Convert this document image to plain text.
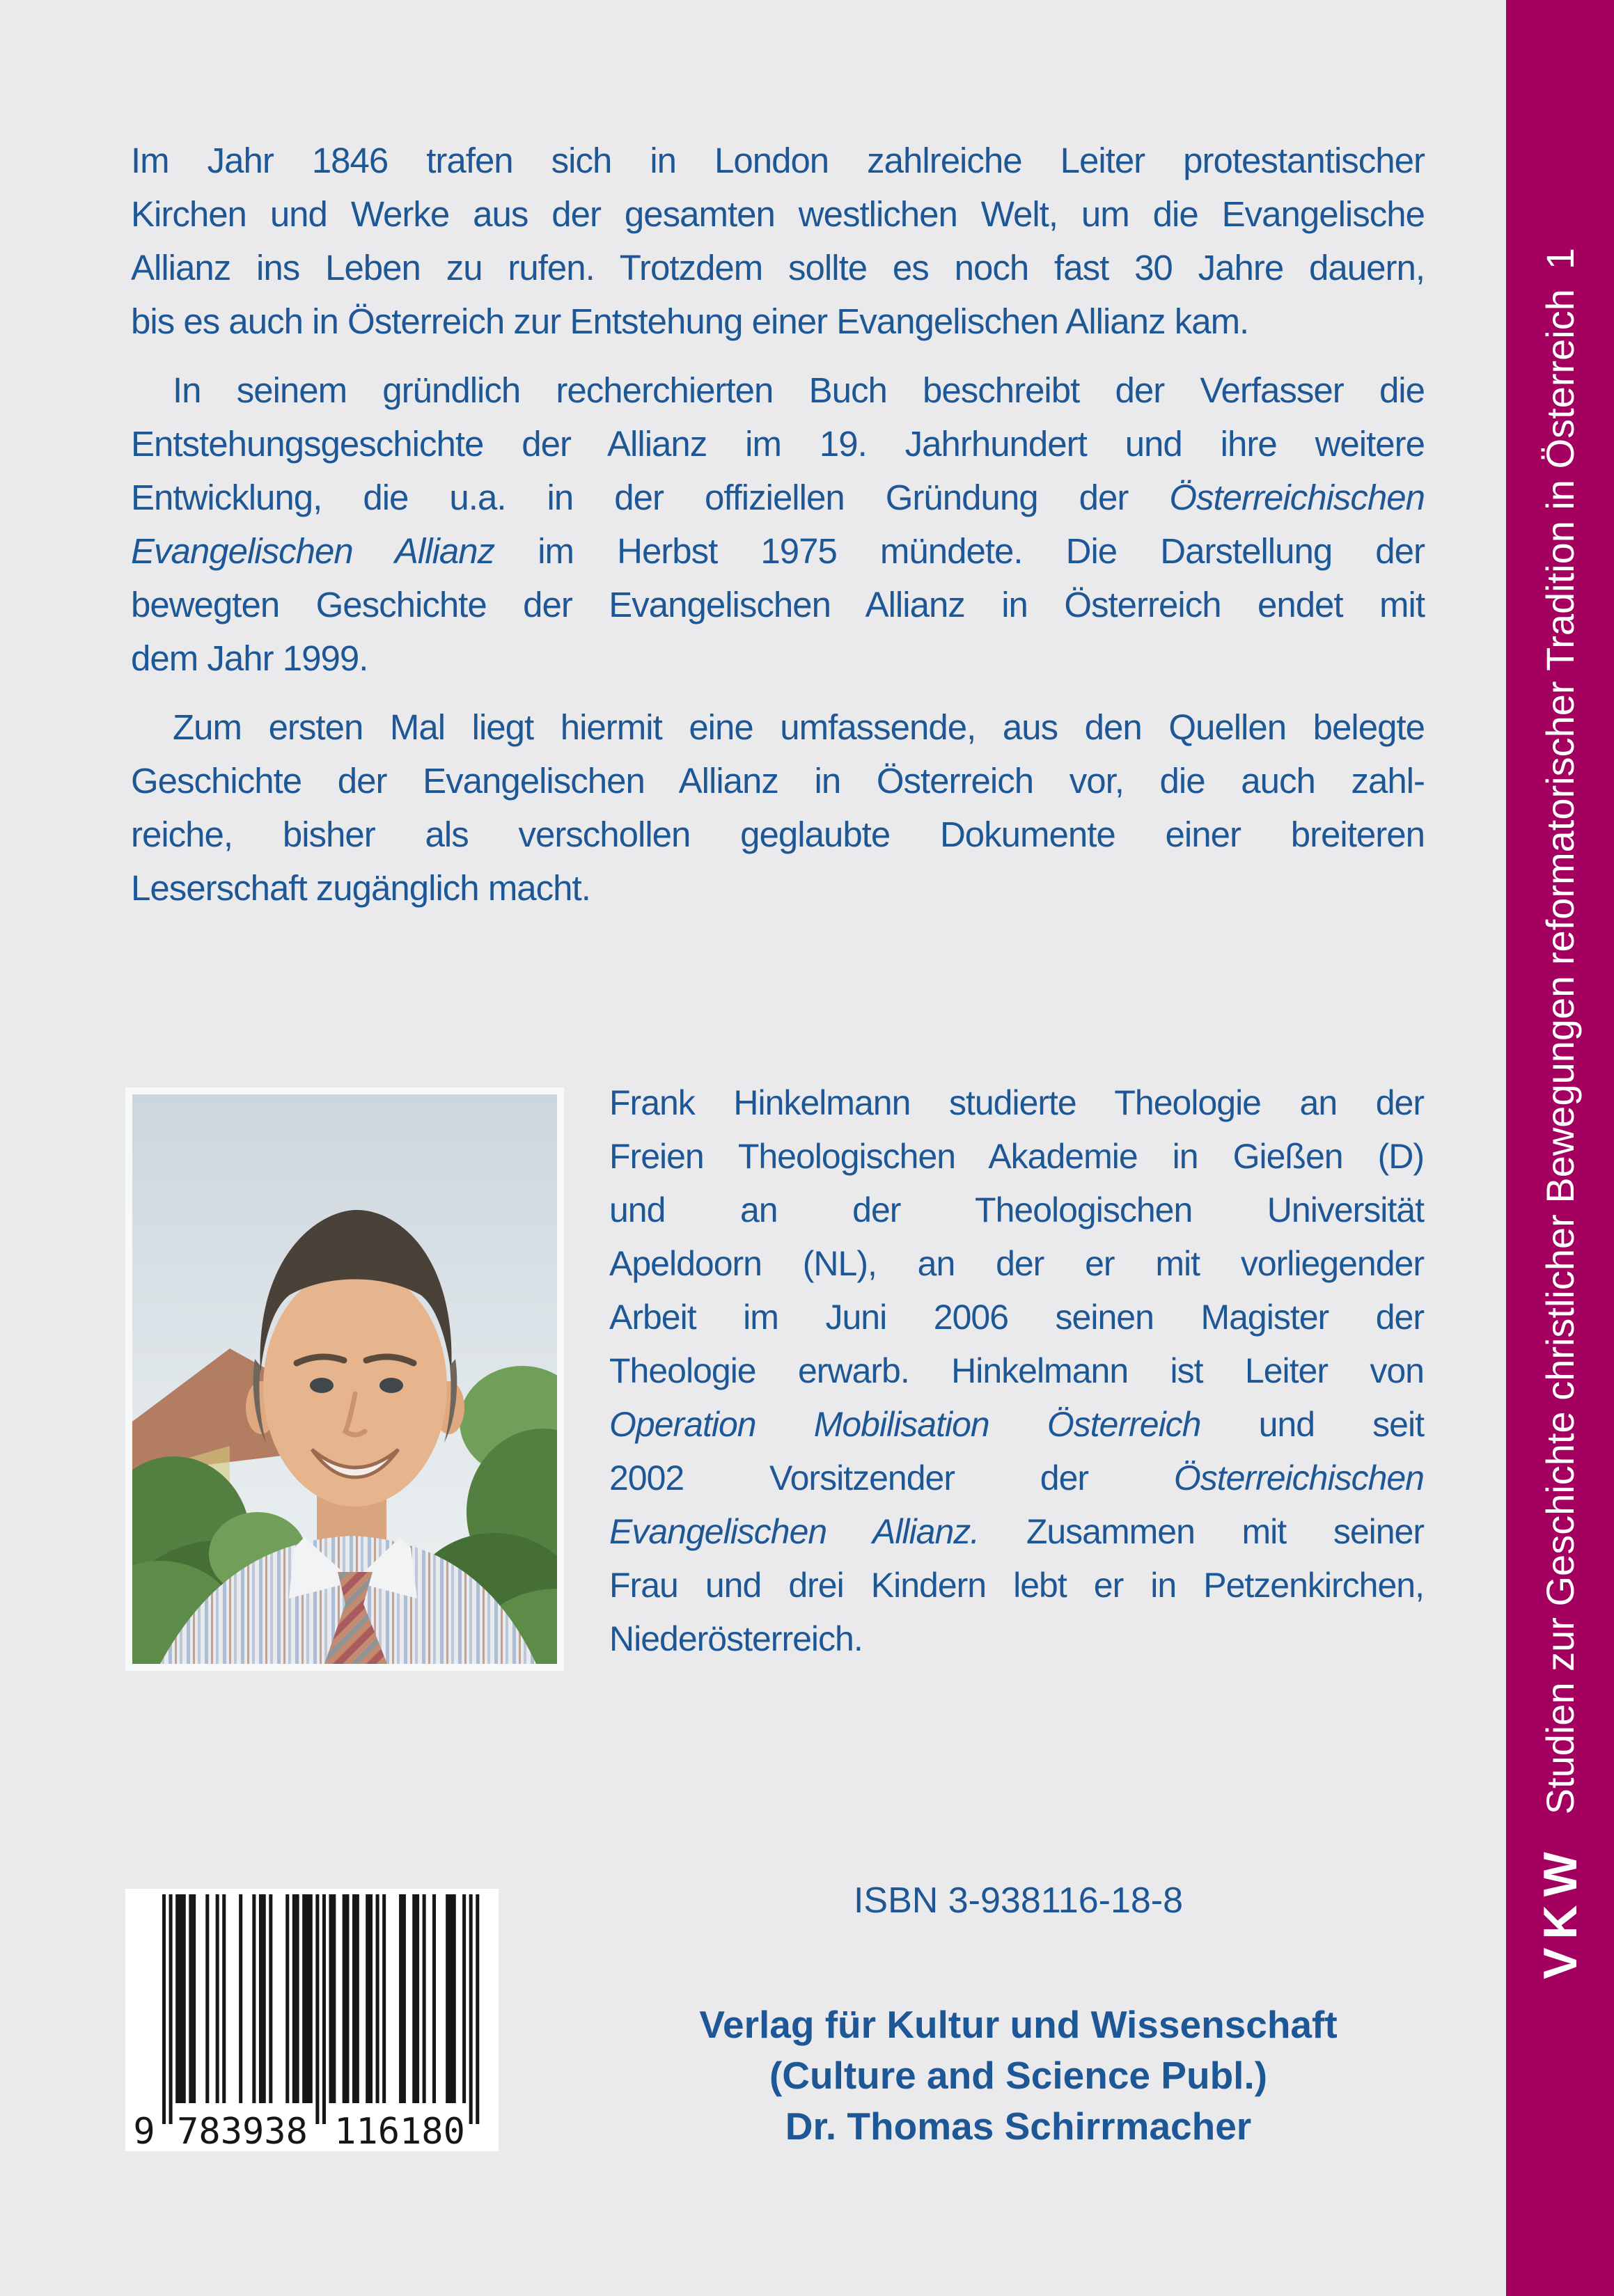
Im Jahr 1846 trafen sich in London zahlreiche Leiter protestantischer
Kirchen und Werke aus der gesamten westlichen Welt, um die Evangelische
Allianz ins Leben zu rufen. Trotzdem sollte es noch fast 30 Jahre dauern,
bis es auch in Österreich zur Entstehung einer Evangelischen Allianz kam.
In seinem gründlich recherchierten Buch beschreibt der Verfasser die
Entstehungsgeschichte der Allianz im 19. Jahrhundert und ihre weitere
Entwicklung, die u.a. in der offiziellen Gründung der Österreichischen
Evangelischen Allianz im Herbst 1975 mündete. Die Darstellung der
bewegten Geschichte der Evangelischen Allianz in Österreich endet mit
dem Jahr 1999.
Zum ersten Mal liegt hiermit eine umfassende, aus den Quellen belegte
Geschichte der Evangelischen Allianz in Österreich vor, die auch zahl-
reiche, bisher als verschollen geglaubte Dokumente einer breiteren
Leserschaft zugänglich macht.
Frank Hinkelmann studierte Theologie an der
Freien Theologischen Akademie in Gießen (D)
und an der Theologischen Universität
Apeldoorn (NL), an der er mit vorliegender
Arbeit im Juni 2006 seinen Magister der
Theologie erwarb. Hinkelmann ist Leiter von
Operation Mobilisation Österreich und seit
2002 Vorsitzender der Österreichischen
Evangelischen Allianz. Zusammen mit seiner
Frau und drei Kindern lebt er in Petzenkirchen,
Niederösterreich.
ISBN 3-938116-18-8
Verlag für Kultur und Wissenschaft
(Culture and Science Publ.)
Dr. Thomas Schirrmacher
9 783938 116180
VKW
Studien zur Geschichte christlicher Bewegungen reformatorischer Tradition in Österreich
1
